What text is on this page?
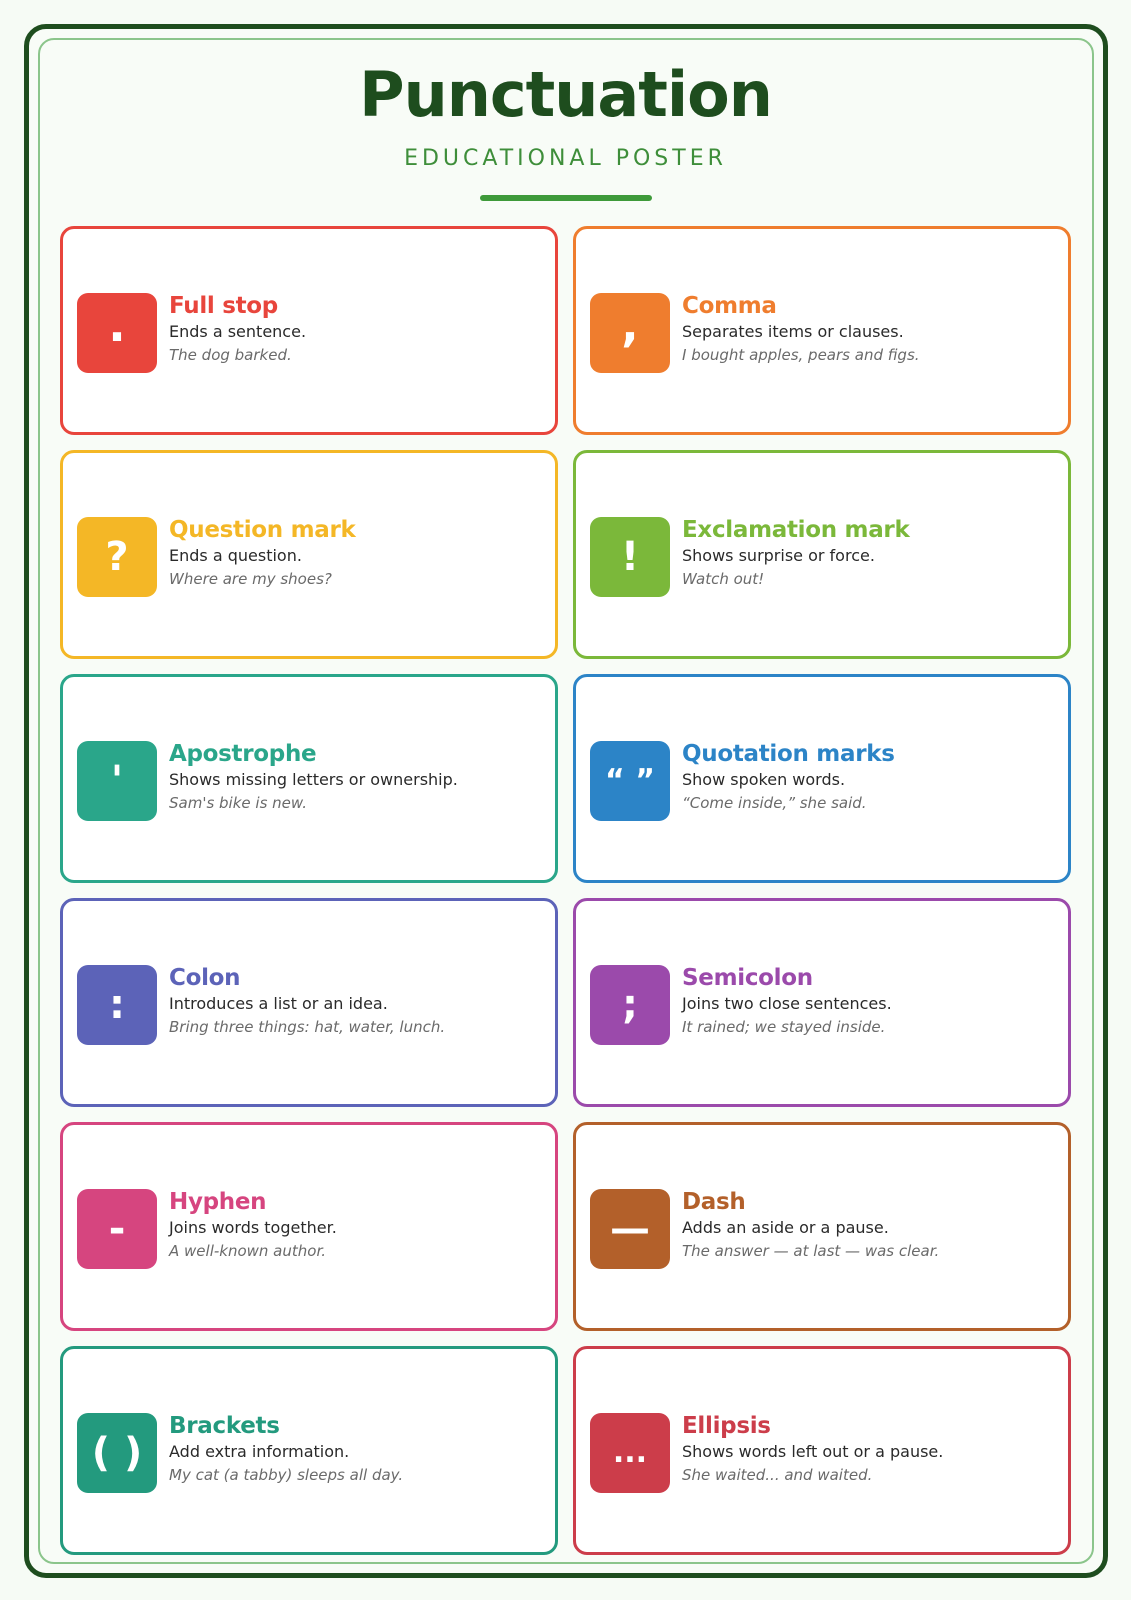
Punctuation
EDUCATIONAL POSTER
. Full stop
Ends a sentence.
The dog barked.
, Comma
Separates items or clauses.
I bought apples, pears and figs.
?
Question mark
Ends a question.
Where are my shoes?	!
Exclamation mark
Shows surprise or force.
Watch out!
'
Apostrophe
Shows missing letters or ownership.
Sam's bike is new.
“ ”
Quotation marks
Show spoken words.
“Come inside,” she said.
:
Colon
Introduces a list or an idea.
Bring three things: hat, water, lunch.	;
Semicolon
Joins two close sentences.
It rained; we stayed inside.
-
Hyphen
Joins words together.
A well-known author.	—
Dash
Adds an aside or a pause.
The answer — at last — was clear.
( )
Brackets
Add extra information.
My cat (a tabby) sleeps all day.
...
Ellipsis
Shows words left out or a pause.
She waited... and waited.
